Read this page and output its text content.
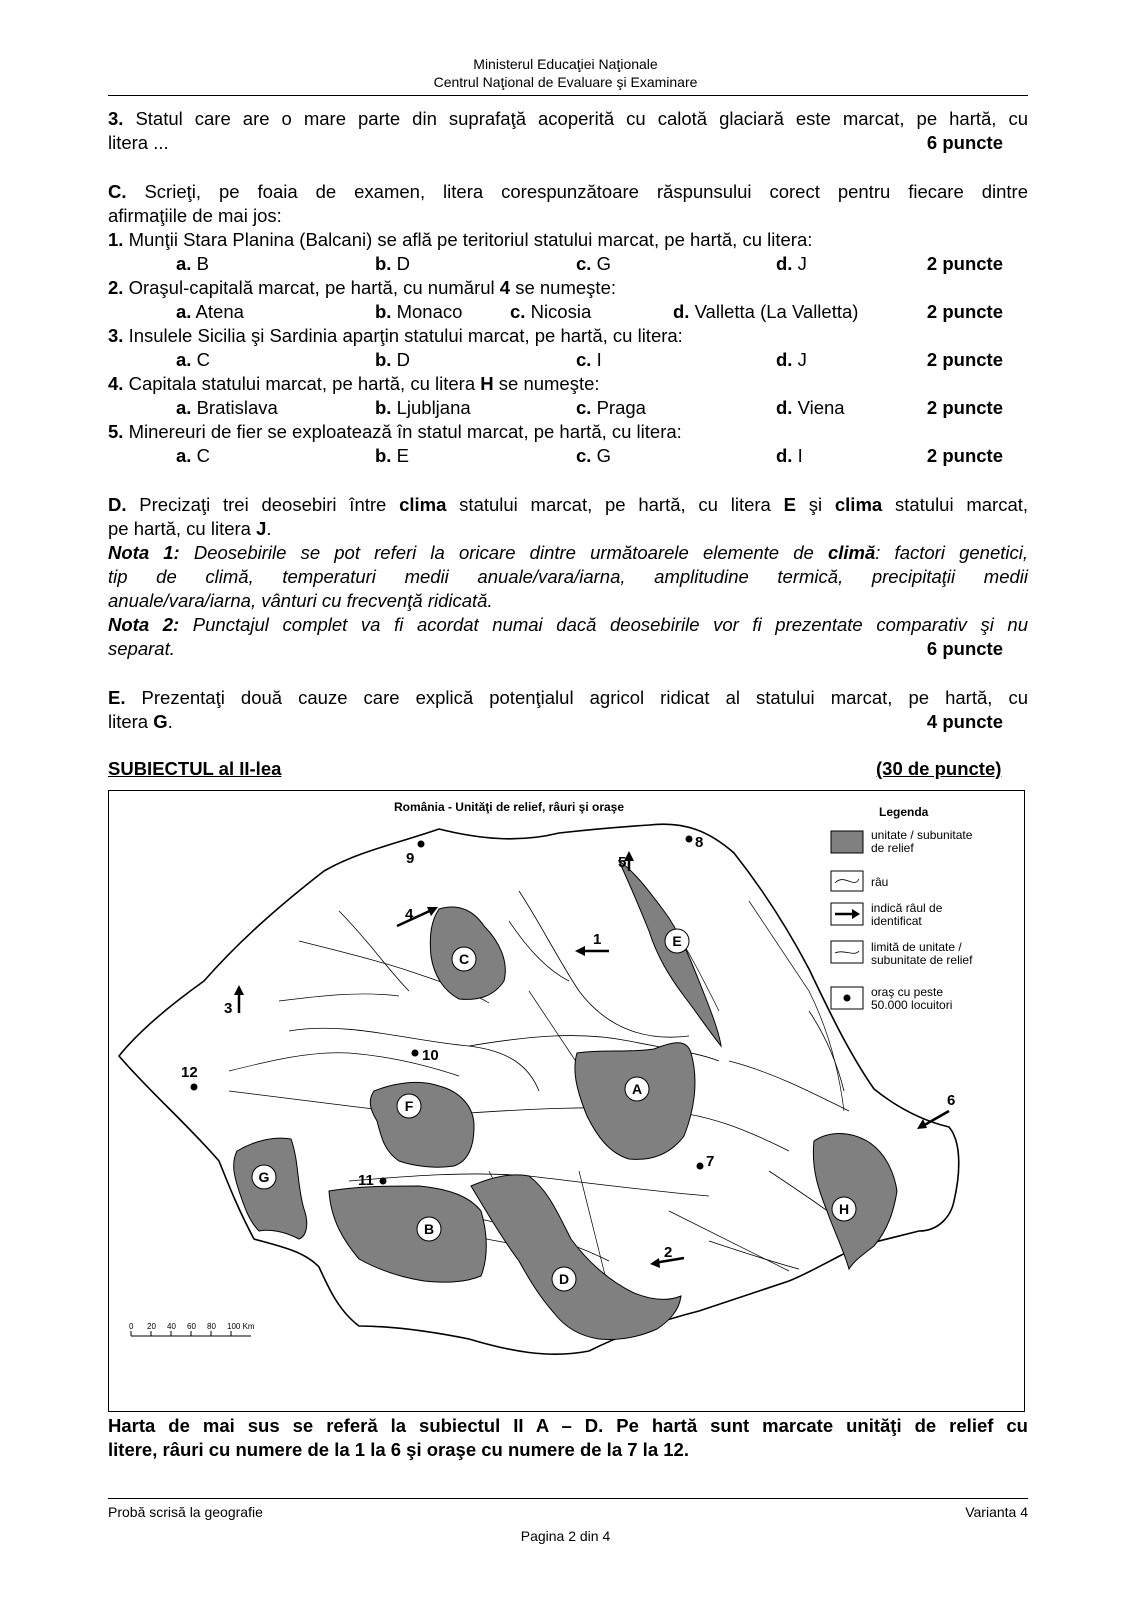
Ministerul Educaţiei Naţionale
Centrul Naţional de Evaluare şi Examinare
3. Statul care are o mare parte din suprafaţă acoperită cu calotă glaciară este marcat, pe hartă, cu
litera ...	6 puncte
C. Scrieţi, pe foaia de examen, litera corespunzătoare răspunsului corect pentru fiecare dintre
afirmaţiile de mai jos:
1. Munţii Stara Planina (Balcani) se află pe teritoriul statului marcat, pe hartă, cu litera:
a. B	b. D	c. G	d. J	2 puncte
2. Oraşul-capitală marcat, pe hartă, cu numărul 4 se numeşte:
a. Atena	b. Monaco	c. Nicosia	d. Valletta (La Valletta)	2 puncte
3. Insulele Sicilia şi Sardinia aparţin statului marcat, pe hartă, cu litera:
a. C	b. D	c. I	d. J	2 puncte
4. Capitala statului marcat, pe hartă, cu litera H se numeşte:
a. Bratislava	b. Ljubljana	c. Praga	d. Viena	2 puncte
5. Minereuri de fier se exploatează în statul marcat, pe hartă, cu litera:
a. C	b. E	c. G	d. I	2 puncte
D. Precizaţi trei deosebiri între clima statului marcat, pe hartă, cu litera E şi clima statului marcat,
pe hartă, cu litera J.
Nota 1: Deosebirile se pot referi la oricare dintre următoarele elemente de climă: factori genetici,
tip de climă, temperaturi medii anuale/vara/iarna, amplitudine termică, precipitaţii medii
anuale/vara/iarna, vânturi cu frecvenţă ridicată.
Nota 2: Punctajul complet va fi acordat numai dacă deosebirile vor fi prezentate comparativ şi nu
separat.	6 puncte
E. Prezentaţi două cauze care explică potenţialul agricol ridicat al statului marcat, pe hartă, cu
litera G.	4 puncte
SUBIECTUL al II-lea	(30 de puncte)
România - Unităţi de relief, râuri şi oraşe
C
E
A
F
G
B
D
H
1
2
3
4
5
6
7
8
9
10
11
12
Legenda
unitate / subunitate
de relief
râu
indică râul de
identificat
limită de unitate /
subunitate de relief
oraş cu peste
50.000 locuitori
0 20 40 60 80 100 Km
Harta de mai sus se referă la subiectul II A – D. Pe hartă sunt marcate unităţi de relief cu
litere, râuri cu numere de la 1 la 6 şi oraşe cu numere de la 7 la 12.
Probă scrisă la geografie	Varianta 4
Pagina 2 din 4
